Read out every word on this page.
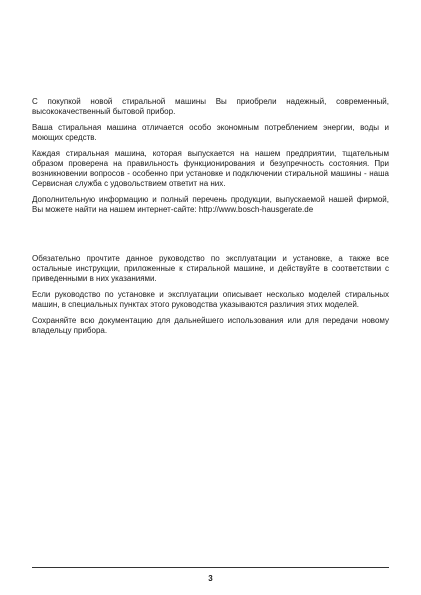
С покупкой новой стиральной машины Вы приобрели надежный, современный, высококачественный бытовой прибор.

Ваша стиральная машина отличается особо экономным потреблением энергии, воды и моющих средств.

Каждая стиральная машина, которая выпускается на нашем предприятии, тщательным образом проверена на правильность функционирования и безупречность состояния. При возникновении вопросов - особенно при установке и подключении стиральной машины - наша Сервисная служба с удовольствием ответит на них.

Дополнительную информацию и полный перечень продукции, выпускаемой нашей фирмой, Вы можете найти на нашем интернет-сайте: http://www.bosch-hausgerate.de

Обязательно прочтите данное руководство по эксплуатации и установке, а также все остальные инструкции, приложенные к стиральной машине, и действуйте в соответствии с приведенными в них указаниями.

Если руководство по установке и эксплуатации описывает несколько моделей стиральных машин, в специальных пунктах этого руководства указываются различия этих моделей.

Сохраняйте всю документацию для дальнейшего использования или для передачи новому владельцу прибора.

3
